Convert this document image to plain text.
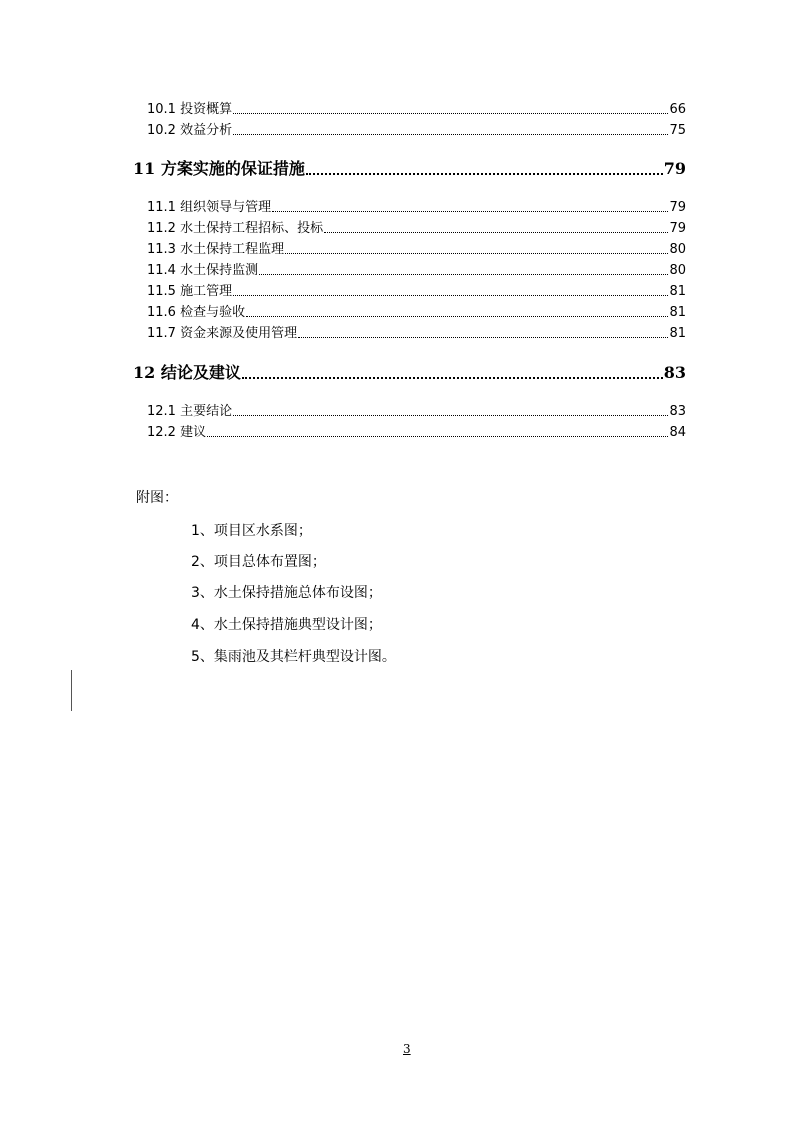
10.1 投资概算	66
10.2 效益分析	75
11 方案实施的保证措施	79
11.1 组织领导与管理	79
11.2 水土保持工程招标、投标	79
11.3 水土保持工程监理	80
11.4 水土保持监测	80
11.5 施工管理	81
11.6 检查与验收	81
11.7 资金来源及使用管理	81
12 结论及建议	83
12.1 主要结论	83
12.2 建议	84
附图：
1、项目区水系图；
2、项目总体布置图；
3、水土保持措施总体布设图；
4、水土保持措施典型设计图；
5、集雨池及其栏杆典型设计图。
3
